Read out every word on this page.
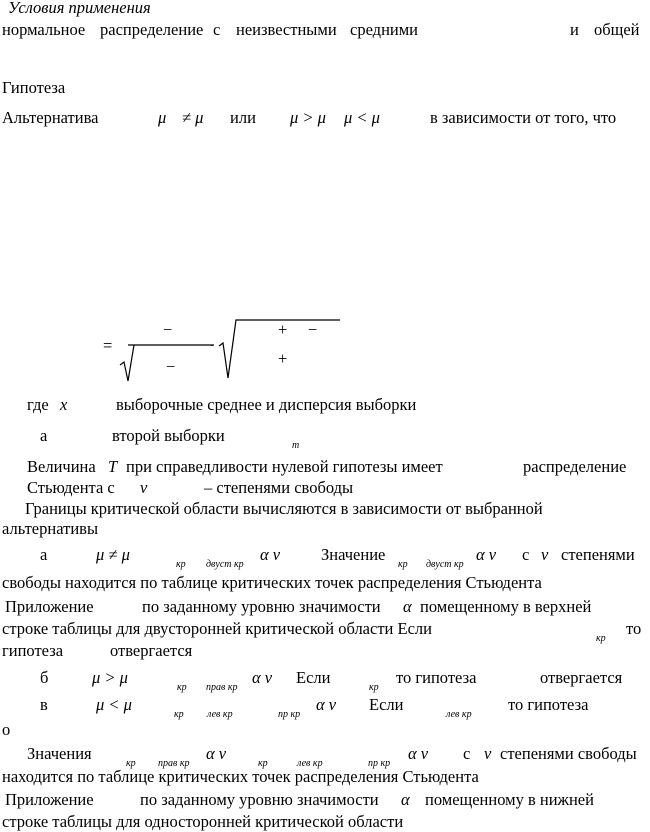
Условия применения
нормальное распределение с неизвестными средними	и общей
Гипотеза
Альтернатива	μ ≠ μ или μ > μ μ < μ	в зависимости от того, что
−	+ −
=
+
−
где x	выборочные среднее и дисперсия выборки
а	второй выборки
m
Величина T при справедливости нулевой гипотезы имеет	распределение
Стьюдента с ν	– степенями свободы
Границы критической области вычисляются в зависимости от выбранной
альтернативы
а	μ ≠ μ
кр двуст кр
α ν Значение
кр двуст кр
α ν с ν степенями
свободы находится по таблице критических точек распределения Стьюдента
Приложение	по заданному уровню значимости α помещенному в верхней
строке таблицы для двусторонней критической области Если
кр
то
гипотеза	отвергается
б	μ > μ
кр прав кр
α ν Если
кр
то гипотеза	отвергается
в	μ < μ
кр лев кр	пр кр
α ν Если
лев кр
то гипотеза
о
Значения
кр прав кр
α ν
кр	лев кр	пр кр
α ν с ν степенями свободы
находится по таблице критических точек распределения Стьюдента
Приложение	по заданному уровню значимости α помещенному в нижней
строке таблицы для односторонней критической области
